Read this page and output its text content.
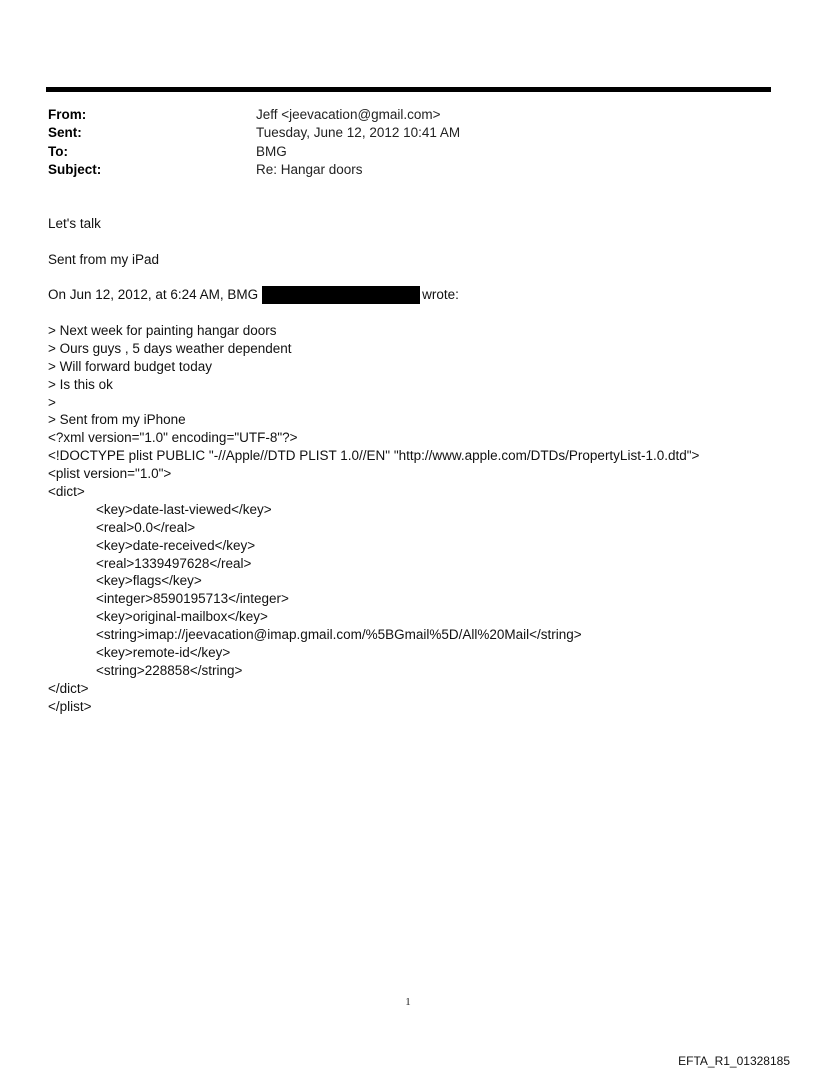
From:	Jeff <jeevacation@gmail.com>
Sent:	Tuesday, June 12, 2012 10:41 AM
To:	BMG
Subject:	Re: Hangar doors
Let's talk
Sent from my iPad
On Jun 12, 2012, at 6:24 AM, BMG	wrote:
> Next week for painting hangar doors
> Ours guys , 5 days weather dependent
> Will forward budget today
> Is this ok
>
> Sent from my iPhone
<?xml version="1.0" encoding="UTF-8"?>
<!DOCTYPE plist PUBLIC "-//Apple//DTD PLIST 1.0//EN" "http://www.apple.com/DTDs/PropertyList-1.0.dtd">
<plist version="1.0">
<dict>
<key>date-last-viewed</key>
<real>0.0</real>
<key>date-received</key>
<real>1339497628</real>
<key>flags</key>
<integer>8590195713</integer>
<key>original-mailbox</key>
<string>imap://jeevacation@imap.gmail.com/%5BGmail%5D/All%20Mail</string>
<key>remote-id</key>
<string>228858</string>
</dict>
</plist>
1
EFTA_R1_01328185
